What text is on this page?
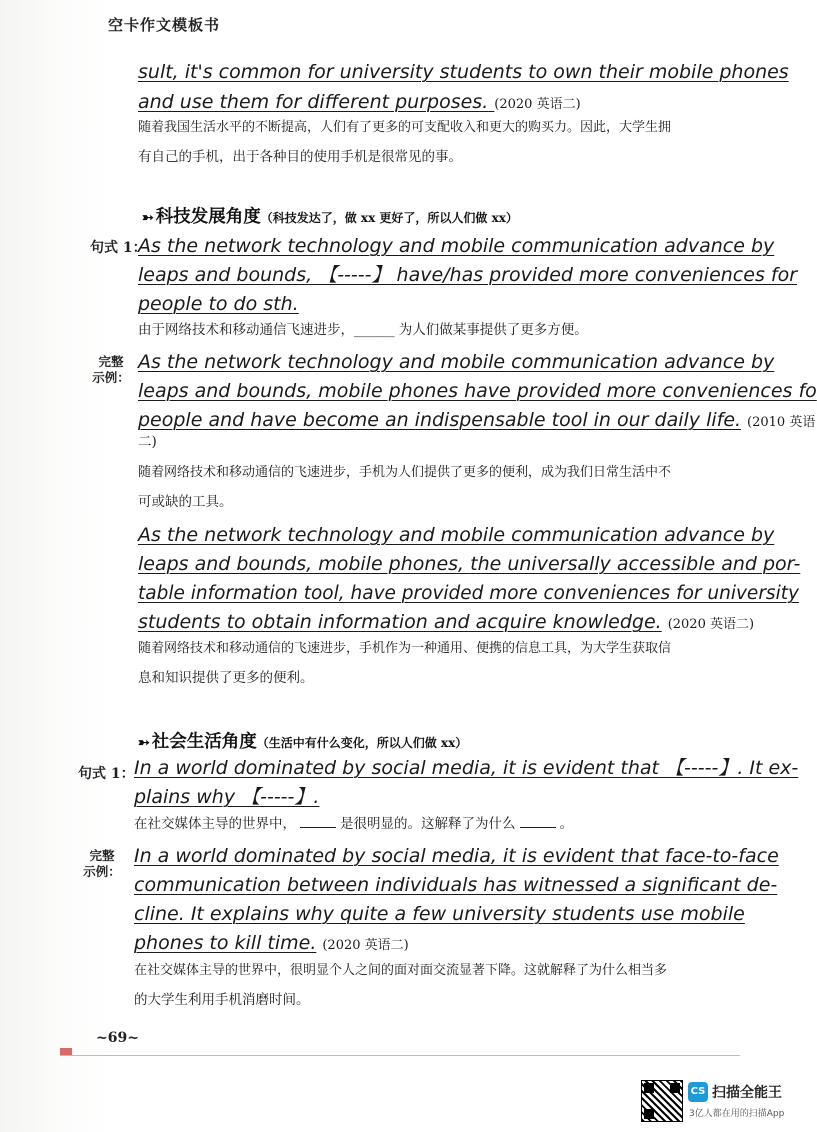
空卡作文模板书
sult, it's common for university students to own their mobile phones
and use them for different purposes. (2020 英语二)
随着我国生活水平的不断提高，人们有了更多的可支配收入和更大的购买力。因此，大学生拥
有自己的手机，出于各种目的使用手机是很常见的事。
➳ 科技发展角度（科技发达了，做 xx 更好了，所以人们做 xx）
句式 1：
As the network technology and mobile communication advance by
leaps and bounds, 【-----】 have/has provided more conveniences for
people to do sth.
由于网络技术和移动通信飞速进步，______ 为人们做某事提供了更多方便。
完整
示例：
As the network technology and mobile communication advance by
leaps and bounds, mobile phones have provided more conveniences fo
people and have become an indispensable tool in our daily life. (2010 英语
二)
随着网络技术和移动通信的飞速进步，手机为人们提供了更多的便利，成为我们日常生活中不
可或缺的工具。
As the network technology and mobile communication advance by
leaps and bounds, mobile phones, the universally accessible and por-
table information tool, have provided more conveniences for university
students to obtain information and acquire knowledge. (2020 英语二)
随着网络技术和移动通信的飞速进步，手机作为一种通用、便携的信息工具，为大学生获取信
息和知识提供了更多的便利。
➳ 社会生活角度（生活中有什么变化，所以人们做 xx）
句式 1： In a world dominated by social media, it is evident that 【-----】. It ex-
plains why 【-----】.
在社交媒体主导的世界中，	是很明显的。这解释了为什么	。
完整
示例：
In a world dominated by social media, it is evident that face-to-face
communication between individuals has witnessed a significant de-
cline. It explains why quite a few university students use mobile
phones to kill time. (2020 英语二)
在社交媒体主导的世界中，很明显个人之间的面对面交流显著下降。这就解释了为什么相当多
的大学生利用手机消磨时间。
~69~
CS 扫描全能王
3亿人都在用的扫描App
